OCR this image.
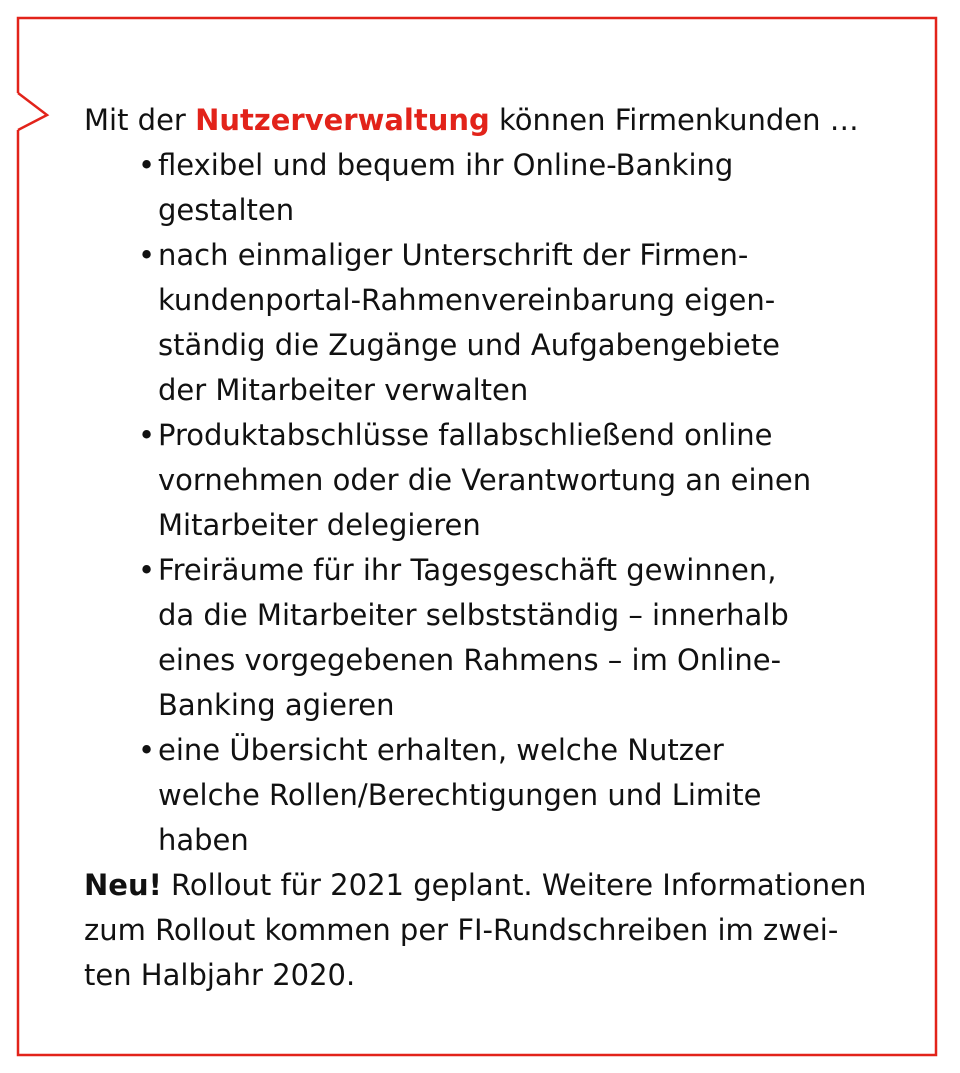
Mit der Nutzerverwaltung können Firmenkunden …

• flexibel und bequem ihr Online-Banking
gestalten
• nach einmaliger Unterschrift der Firmen-
kundenportal-Rahmenvereinbarung eigen-
ständig die Zugänge und Aufgabengebiete
der Mitarbeiter verwalten
• Produktabschlüsse fallabschließend online
vornehmen oder die Verantwortung an einen
Mitarbeiter delegieren
• Freiräume für ihr Tagesgeschäft gewinnen,
da die Mitarbeiter selbstständig – innerhalb
eines vorgegebenen Rahmens – im Online-
Banking agieren
• eine Übersicht erhalten, welche Nutzer
welche Rollen/Berechtigungen und Limite
haben

Neu! Rollout für 2021 geplant. Weitere Informationen
zum Rollout kommen per FI-Rundschreiben im zwei-
ten Halbjahr 2020.
